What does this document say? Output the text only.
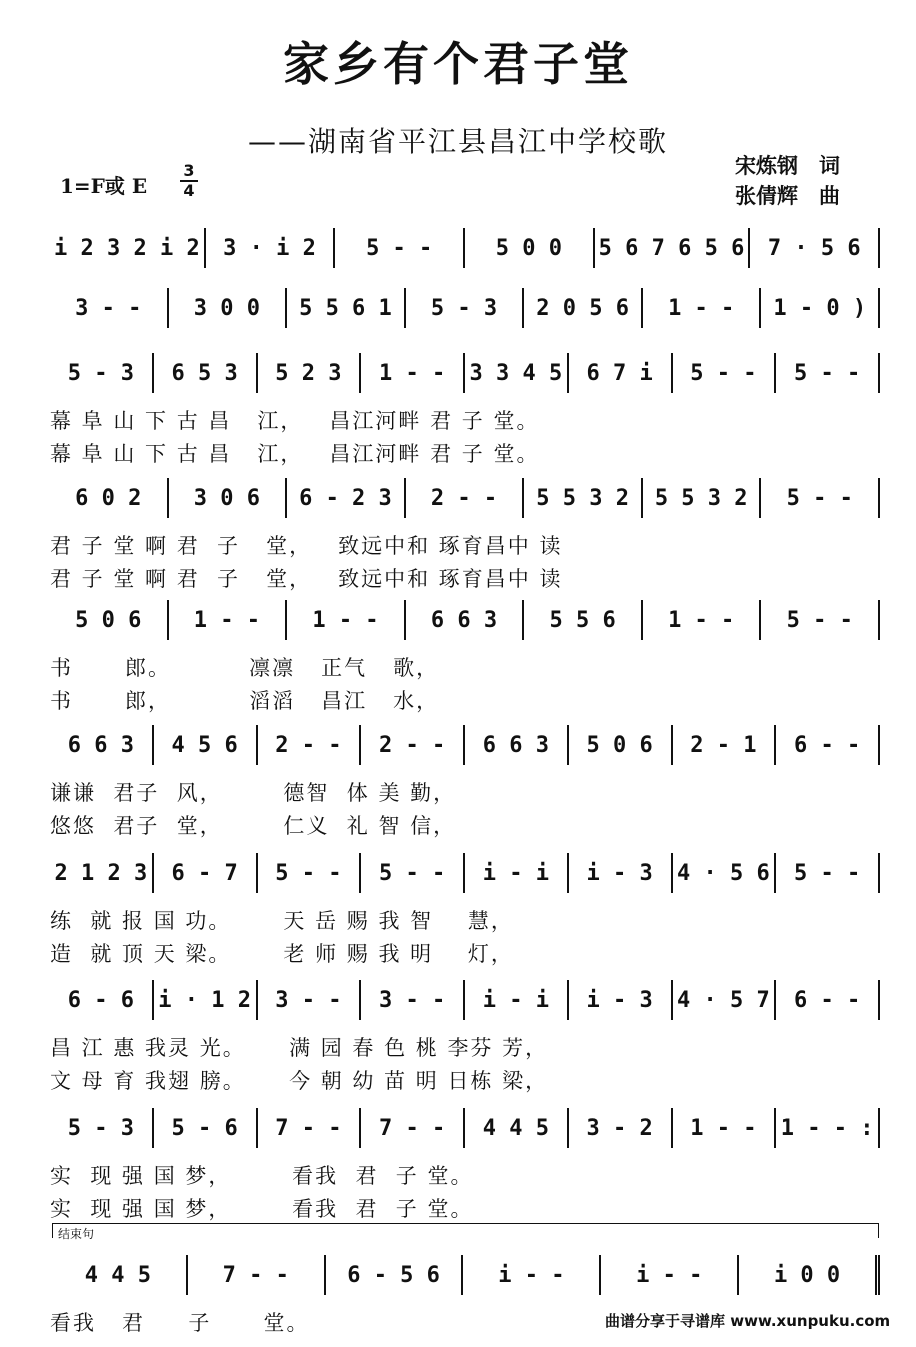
家乡有个君子堂
——湖南省平江县昌江中学校歌
宋炼钢　词
张倩辉　曲
1=F或 E
3
4
i 2 3 2 i 2	3 · i 2	5 - -	5 0 0	5 6 7 6 5 6	7 · 5 6
3 - -	3 0 0	5 5 6 1	5 - 3	2 0 5 6	1 - -	1 - 0 )
5 - 3	6 5 3	5 2 3	1 - -	3 3 4 5	6 7 i	5 - -	5 - -
幕 阜 山 下 古 昌   江，   昌江河畔 君 子 堂。
幕 阜 山 下 古 昌   江，   昌江河畔 君 子 堂。
6 0 2	3 0 6	6 - 2 3	2 - -	5 5 3 2	5 5 3 2	5 - -
君 子 堂 啊 君  子   堂，   致远中和 琢育昌中 读
君 子 堂 啊 君  子   堂，   致远中和 琢育昌中 读
5 0 6	1 - -	1 - -	6 6 3	5 5 6	1 - -	5 - -
书      郎。         凛凛   正气   歌，
书      郎，         滔滔   昌江   水，
6 6 3	4 5 6	2 - -	2 - -	6 6 3	5 0 6	2 - 1	6 - -
谦谦  君子  风，       德智  体 美 勤，
悠悠  君子  堂，       仁义  礼 智 信，
2 1 2 3	6 - 7	5 - -	5 - -	i - i	i - 3	4 · 5 6	5 - -
练  就 报 国 功。      天 岳 赐 我 智    慧，
造  就 顶 天 梁。      老 师 赐 我 明    灯，
6 - 6	i · 1 2	3 - -	3 - -	i - i	i - 3	4 · 5 7	6 - -
昌 江 惠 我灵 光。     满 园 春 色 桃 李芬 芳，
文 母 育 我翅 膀。     今 朝 幼 苗 明 日栋 梁，
5 - 3	5 - 6	7 - -	7 - -	4 4 5	3 - 2	1 - -	1 - - :
实  现 强 国 梦，       看我  君  子 堂。
实  现 强 国 梦，       看我  君  子 堂。
4 4 5	7 - -	6 - 5 6	i - -	i - -	i 0 0
看我   君     子      堂。
结束句
曲谱分享于寻谱库 www.xunpuku.com
